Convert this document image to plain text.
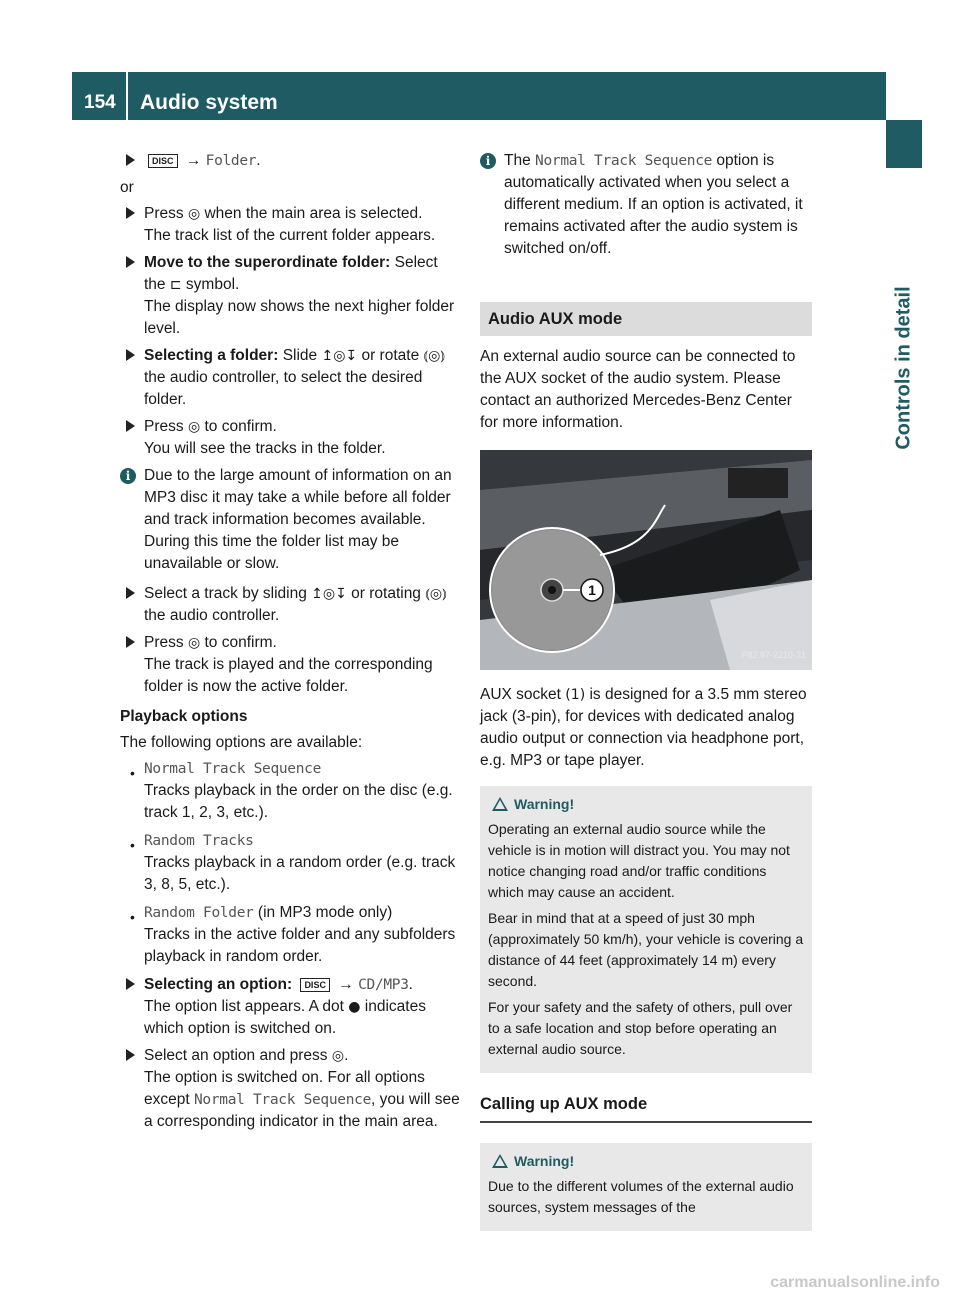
154	Audio system
Controls in detail
DISC → Folder.
or
Press ◎ when the main area is selected.
The track list of the current folder appears.
Move to the superordinate folder: Select the ⊏ symbol.
The display now shows the next higher folder level.
Selecting a folder: Slide ↥◎↧ or rotate ⦅◎⦆ the audio controller, to select the desired folder.
Press ◎ to confirm.
You will see the tracks in the folder.
i Due to the large amount of information on an MP3 disc it may take a while before all folder and track information becomes available. During this time the folder list may be unavailable or slow.
Select a track by sliding ↥◎↧ or rotating ⦅◎⦆ the audio controller.
Press ◎ to confirm.
The track is played and the corresponding folder is now the active folder.
Playback options
The following options are available:
• Normal Track Sequence
Tracks playback in the order on the disc (e.g. track 1, 2, 3, etc.).
• Random Tracks
Tracks playback in a random order (e.g. track 3, 8, 5, etc.).
• Random Folder (in MP3 mode only)
Tracks in the active folder and any subfolders playback in random order.
Selecting an option: DISC → CD/MP3.
The option list appears. A dot ● indicates which option is switched on.
Select an option and press ◎.
The option is switched on. For all options except Normal Track Sequence, you will see a corresponding indicator in the main area.
i The Normal Track Sequence option is automatically activated when you select a different medium. If an option is activated, it remains activated after the audio system is switched on/off.
Audio AUX mode
An external audio source can be connected to the AUX socket of the audio system. Please contact an authorized Mercedes-Benz Center for more information.
1
P82.87-2210-31
AUX socket (1) is designed for a 3.5 mm stereo jack (3-pin), for devices with dedicated analog audio output or connection via headphone port, e.g. MP3 or tape player.
Warning!

Operating an external audio source while the vehicle is in motion will distract you. You may not notice changing road and/or traffic conditions which may cause an accident.

Bear in mind that at a speed of just 30 mph (approximately 50 km/h), your vehicle is covering a distance of 44 feet (approximately 14 m) every second.

For your safety and the safety of others, pull over to a safe location and stop before operating an external audio source.

Calling up AUX mode
Warning!

Due to the different volumes of the external audio sources, system messages of the

carmanualsonline.info
